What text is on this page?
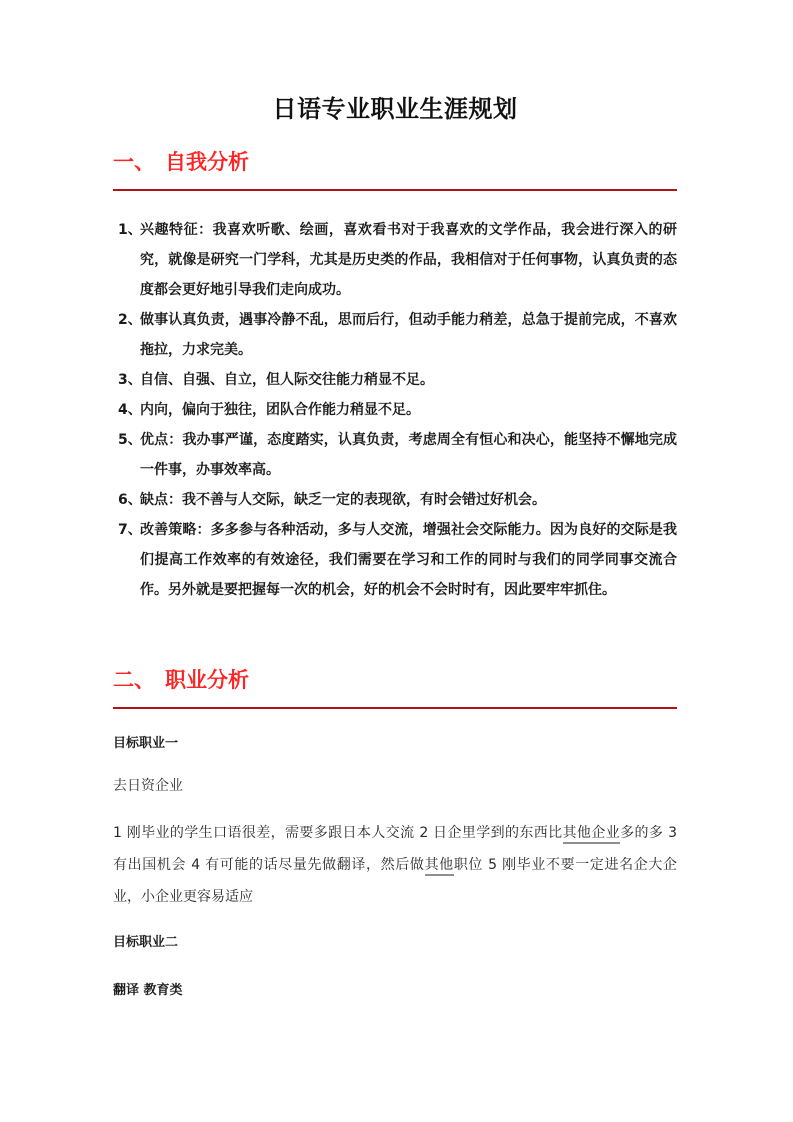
日语专业职业生涯规划
一、 自我分析
1、
兴趣特征：我喜欢听歌、绘画，喜欢看书对于我喜欢的文学作品，我会进行深入的研究，就像是研究一门学科，尤其是历史类的作品，我相信对于任何事物，认真负责的态度都会更好地引导我们走向成功。
2、
做事认真负责，遇事冷静不乱，思而后行，但动手能力稍差，总急于提前完成，不喜欢拖拉，力求完美。
3、
自信、自强、自立，但人际交往能力稍显不足。
4、
内向，偏向于独往，团队合作能力稍显不足。
5、
优点：我办事严谨，态度踏实，认真负责，考虑周全有恒心和决心，能坚持不懈地完成一件事，办事效率高。
6、
缺点：我不善与人交际，缺乏一定的表现欲，有时会错过好机会。
7、
改善策略：多多参与各种活动，多与人交流，增强社会交际能力。因为良好的交际是我们提高工作效率的有效途径，我们需要在学习和工作的同时与我们的同学同事交流合作。另外就是要把握每一次的机会，好的机会不会时时有，因此要牢牢抓住。
二、 职业分析

目标职业一

去日资企业

1 刚毕业的学生口语很差，需要多跟日本人交流 2 日企里学到的东西比其他企业多的多 3 有出国机会 4 有可能的话尽量先做翻译，然后做其他职位 5 刚毕业不要一定进名企大企业，小企业更容易适应

目标职业二

翻译 教育类
